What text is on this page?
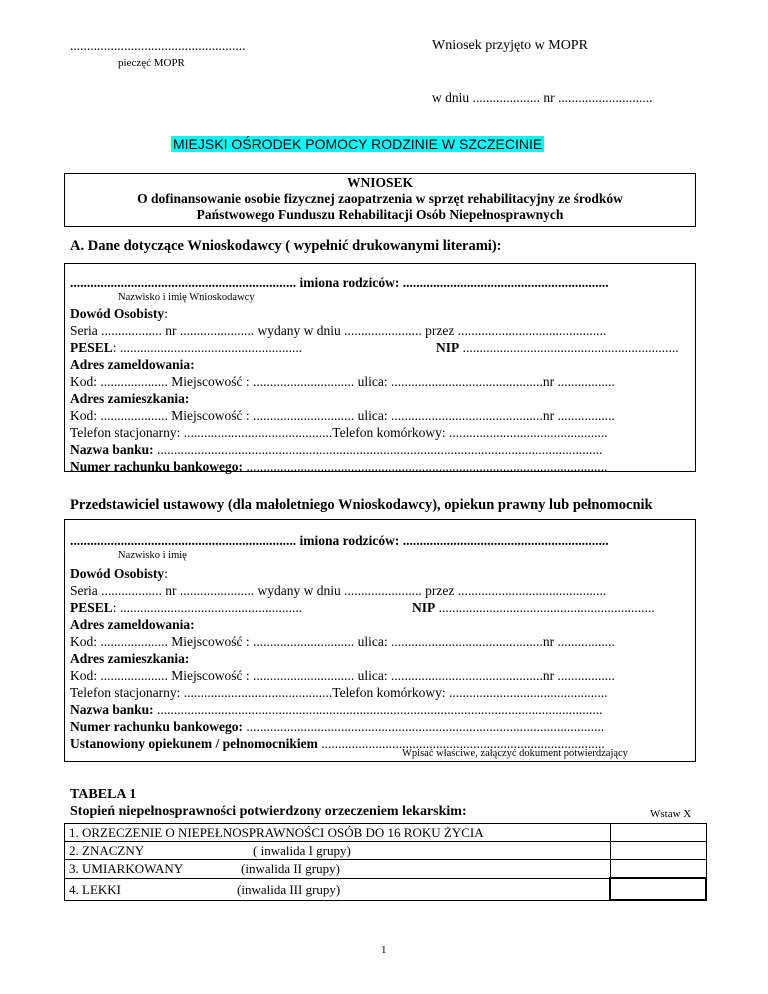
....................................................
pieczęć MOPR
Wniosek przyjęto w MOPR
w dniu .................... nr ............................
MIEJSKI OŚRODEK POMOCY RODZINIE W SZCZECINIE
WNIOSEK
O dofinansowanie osobie fizycznej zaopatrzenia w sprzęt rehabilitacyjny ze środków
Państwowego Funduszu Rehabilitacji Osób Niepełnosprawnych
A. Dane dotyczące Wnioskodawcy ( wypełnić drukowanymi literami):
................................................................... imiona rodziców: .............................................................
Nazwisko i imię Wnioskodawcy
Dowód Osobisty:
Seria .................. nr ...................... wydany w dniu ....................... przez ............................................
PESEL: ......................................................	NIP ................................................................
Adres zameldowania:
Kod: .................... Miejscowość : .............................. ulica: .............................................nr .................
Adres zamieszkania:
Kod: .................... Miejscowość : .............................. ulica: .............................................nr .................
Telefon stacjonarny: ............................................Telefon komórkowy: ...............................................
Nazwa banku: ....................................................................................................................................
Numer rachunku bankowego: ...........................................................................................................
Przedstawiciel ustawowy (dla małoletniego Wnioskodawcy), opiekun prawny lub pełnomocnik
................................................................... imiona rodziców: .............................................................
Nazwisko i imię
Dowód Osobisty:
Seria .................. nr ...................... wydany w dniu ....................... przez ............................................
PESEL: ......................................................	NIP ................................................................
Adres zameldowania:
Kod: .................... Miejscowość : .............................. ulica: .............................................nr .................
Adres zamieszkania:
Kod: .................... Miejscowość : .............................. ulica: .............................................nr .................
Telefon stacjonarny: ............................................Telefon komórkowy: ...............................................
Nazwa banku: ....................................................................................................................................
Numer rachunku bankowego: ..........................................................................................................
Ustanowiony opiekunem / pełnomocnikiem ....................................................................................
Wpisać właściwe, załączyć dokument potwierdzający
TABELA 1
Stopień niepełnosprawności potwierdzony orzeczeniem lekarskim:	Wstaw X
1. ORZECZENIE O NIEPEŁNOSPRAWNOŚCI OSÓB DO 16 ROKU ŻYCIA	
2. ZNACZNY ( inwalida I grupy)	

3. UMIARKOWANY (inwalida II grupy)	

4. LEKKI (inwalida III grupy)	

1
